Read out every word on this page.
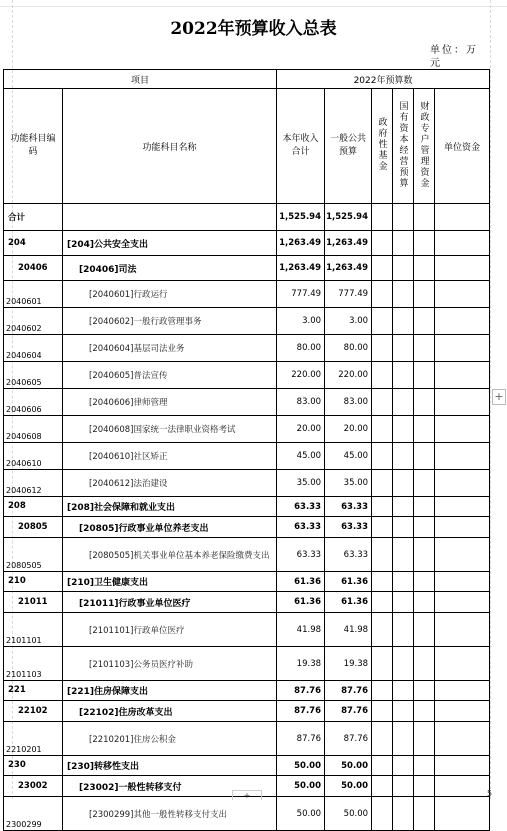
2022年预算收入总表
单位：万元
项目		2022年预算数					
功能科目编码	功能科目名称	本年收入合计	一般公共预算	政府性基金	国有资本经营预算	财政专户管理资金	单位资金
合计		1,525.94	1,525.94				
204	[204]公共安全支出	1,263.49	1,263.49				
20406	[20406]司法	1,263.49	1,263.49				
2040601	[2040601]行政运行	777.49	777.49				
2040602	[2040602]一般行政管理事务	3.00	3.00				
2040604	[2040604]基层司法业务	80.00	80.00				
2040605	[2040605]普法宣传	220.00	220.00				
2040606	[2040606]律师管理	83.00	83.00				
2040608	[2040608]国家统一法律职业资格考试	20.00	20.00				
2040610	[2040610]社区矫正	45.00	45.00				
2040612	[2040612]法治建设	35.00	35.00				
208	[208]社会保障和就业支出	63.33	63.33				
20805	[20805]行政事业单位养老支出	63.33	63.33				
2080505	[2080505]机关事业单位基本养老保险缴费支出	63.33	63.33				
210	[210]卫生健康支出	61.36	61.36				
21011	[21011]行政事业单位医疗	61.36	61.36				
2101101	[2101101]行政单位医疗	41.98	41.98				
2101103	[2101103]公务员医疗补助	19.38	19.38				
221	[221]住房保障支出	87.76	87.76				
22102	[22102]住房改革支出	87.76	87.76				
2210201	[2210201]住房公积金	87.76	87.76				
230	[230]转移性支出	50.00	50.00				
23002	[23002]一般性转移支付	50.00	50.00				
2300299	[2300299]其他一般性转移支付支出	50.00	50.00				
+
+	5
